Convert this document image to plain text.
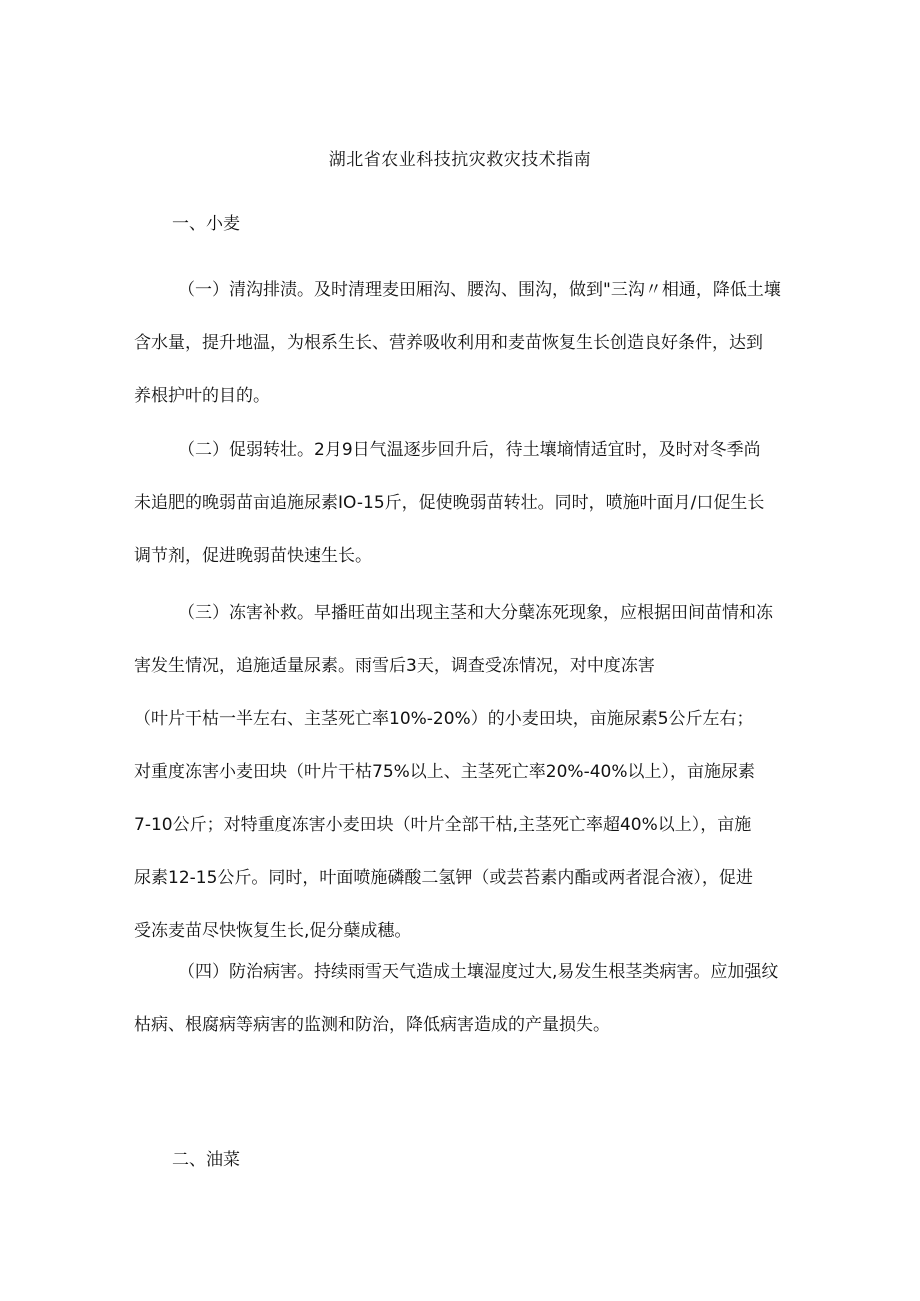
湖北省农业科技抗灾救灾技术指南
一、小麦
（一）清沟排渍。及时清理麦田厢沟、腰沟、围沟，做到"三沟〃相通，降低土壤
含水量，提升地温，为根系生长、营养吸收利用和麦苗恢复生长创造良好条件，达到
养根护叶的目的。
（二）促弱转壮。2月9日气温逐步回升后，待土壤墒情适宜时，及时对冬季尚
未追肥的晚弱苗亩追施尿素IO-15斤，促使晚弱苗转壮。同时，喷施叶面月/口促生长
调节剂，促进晚弱苗快速生长。
（三）冻害补救。早播旺苗如出现主茎和大分蘖冻死现象，应根据田间苗情和冻
害发生情况，追施适量尿素。雨雪后3天，调查受冻情况，对中度冻害
（叶片干枯一半左右、主茎死亡率10%-20%）的小麦田块，亩施尿素5公斤左右；
对重度冻害小麦田块（叶片干枯75%以上、主茎死亡率20%-40%以上），亩施尿素
7-10公斤；对特重度冻害小麦田块（叶片全部干枯,主茎死亡率超40%以上），亩施
尿素12-15公斤。同时，叶面喷施磷酸二氢钾（或芸苔素内酯或两者混合液），促进
受冻麦苗尽快恢复生长,促分蘖成穗。
（四）防治病害。持续雨雪天气造成土壤湿度过大,易发生根茎类病害。应加强纹
枯病、根腐病等病害的监测和防治，降低病害造成的产量损失。
二、油菜
